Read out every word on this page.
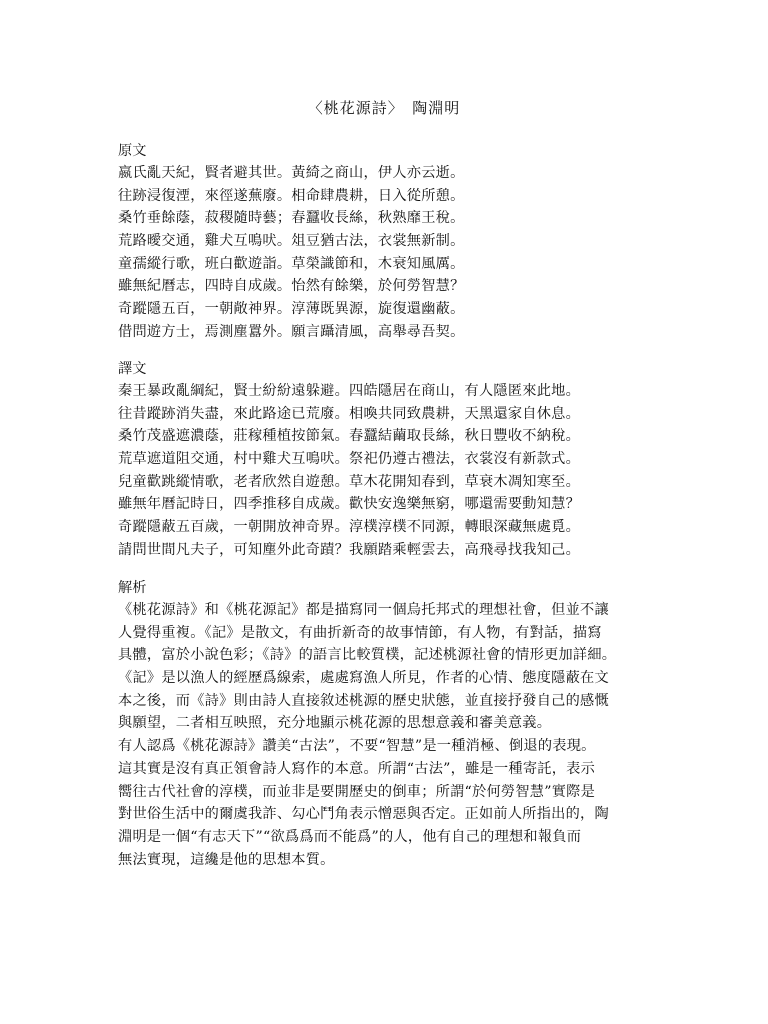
〈桃花源詩〉　陶淵明
原文
嬴氏亂天紀，賢者避其世。黃綺之商山，伊人亦云逝。
往跡浸復湮，來徑遂蕪廢。相命肆農耕，日入從所憩。
桑竹垂餘蔭，菽稷隨時藝；春蠶收長絲，秋熟靡王稅。
荒路曖交通，雞犬互鳴吠。俎豆猶古法，衣裳無新制。
童孺縱行歌，班白歡遊詣。草榮識節和，木衰知風厲。
雖無紀曆志，四時自成歲。怡然有餘樂，於何勞智慧？
奇蹤隱五百，一朝敞神界。淳薄既異源，旋復還幽蔽。
借問遊方士，焉測塵囂外。願言躡清風，高舉尋吾契。
譯文
秦王暴政亂綱紀，賢士紛紛遠躲避。四皓隱居在商山，有人隱匿來此地。
往昔蹤跡消失盡，來此路途已荒廢。相喚共同致農耕，天黑還家自休息。
桑竹茂盛遮濃蔭，莊稼種植按節氣。春蠶結繭取長絲，秋日豐收不納稅。
荒草遮道阻交通，村中雞犬互鳴吠。祭祀仍遵古禮法，衣裳沒有新款式。
兒童歡跳縱情歌，老者欣然自遊憩。草木花開知春到，草衰木凋知寒至。
雖無年曆記時日，四季推移自成歲。歡快安逸樂無窮，哪還需要動知慧？
奇蹤隱蔽五百歲，一朝開放神奇界。淳樸淳樸不同源，轉眼深藏無處覓。
請問世間凡夫子，可知塵外此奇蹟？我願踏乘輕雲去，高飛尋找我知己。
解析
《桃花源詩》和《桃花源記》都是描寫同一個烏托邦式的理想社會，但並不讓
人覺得重複。《記》是散文，有曲折新奇的故事情節，有人物，有對話，描寫
具體，富於小說色彩；《詩》的語言比較質樸，記述桃源社會的情形更加詳細。
《記》是以漁人的經歷爲線索，處處寫漁人所見，作者的心情、態度隱蔽在文
本之後，而《詩》則由詩人直接敘述桃源的歷史狀態，並直接抒發自己的感慨
與願望，二者相互映照，充分地顯示桃花源的思想意義和審美意義。
有人認爲《桃花源詩》讚美“古法”，不要“智慧”是一種消極、倒退的表現。
這其實是沒有真正領會詩人寫作的本意。所謂“古法”，雖是一種寄託，表示
嚮往古代社會的淳樸，而並非是要開歷史的倒車；所謂“於何勞智慧”實際是
對世俗生活中的爾虞我詐、勾心鬥角表示憎惡與否定。正如前人所指出的，陶
淵明是一個“有志天下”“欲爲爲而不能爲”的人，他有自己的理想和報負而
無法實現，這纔是他的思想本質。
